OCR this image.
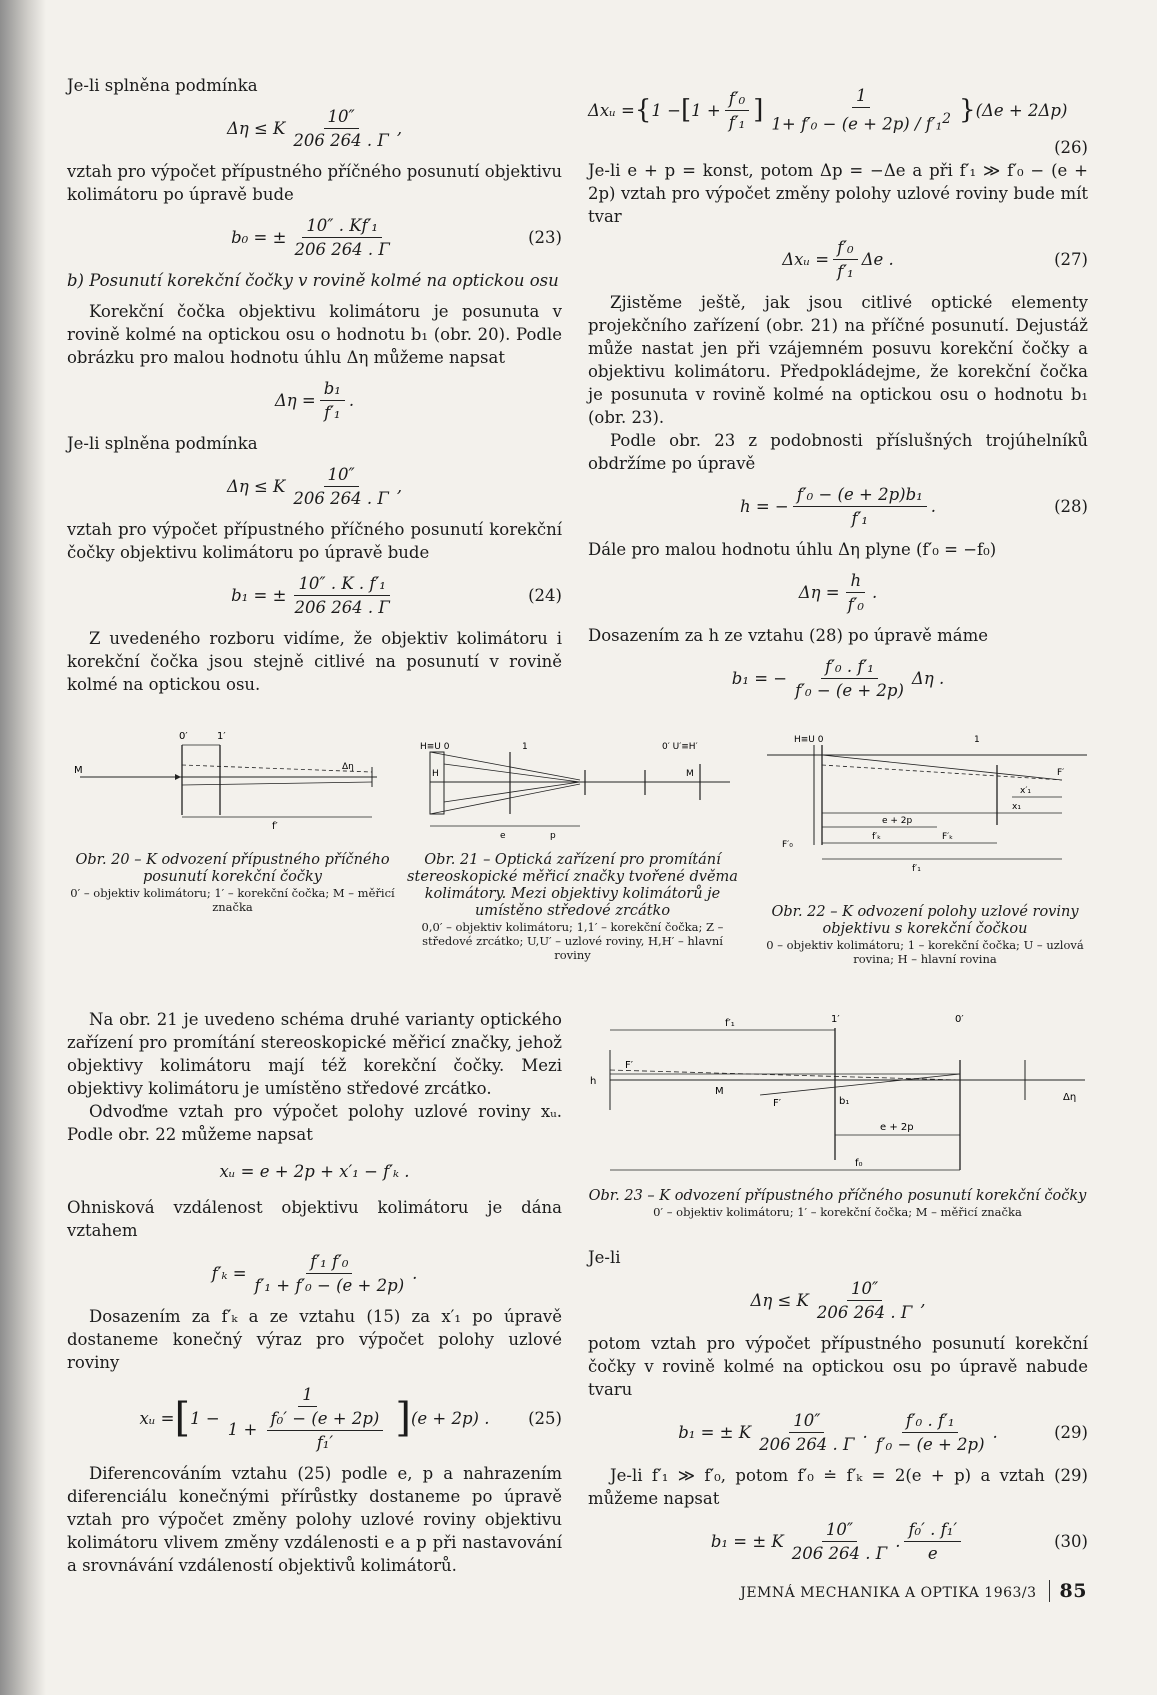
Je-li splněna podmínka

Δη ≤ K $\frac{10''}{206 264 . \Gamma}$ ,

vztah pro výpočet přípustného příčného posunutí objektivu kolimátoru po úpravě bude

b₀ = ± $\frac{\text{10″ . Kf′₁}}{206 264 . \Gamma}$	(23)

b) Posunutí korekční čočky v rovině kolmé na optickou osu

Korekční čočka objektivu kolimátoru je posunuta v rovině kolmé na optickou osu o hodnotu b₁ (obr. 20). Podle obrázku pro malou hodnotu úhlu Δη můžeme napsat

$\Delta\eta = \frac{\text{b₁}}{\text{f′₁}}$ .

Je-li splněna podmínka

Δη ≤ K $\frac{10''}{206 264 . \Gamma}$ ,

vztah pro výpočet přípustného příčného posunutí korekční čočky objektivu kolimátoru po úpravě bude

b₁ = ± $\frac{\text{10″ . K . f′₁}}{206 264 . \Gamma}$	(24)

Z uvedeného rozboru vidíme, že objektiv kolimátoru i korekční čočka jsou stejně citlivé na posunutí v rovině kolmé na optickou osu.

0′	1′
M	Δη
f′
Obr. 20 – K odvození přípustného příčného posunutí korekční čočky
0′ – objektiv kolimátoru; 1′ – korekční čočka; M – měřicí značka
H≡U 0	1	0′ U′≡H′
H	M
e	p
Obr. 21 – Optická zařízení pro promítání stereoskopické měřicí značky tvořené dvěma kolimátory. Mezi objektivy kolimátorů je umístěno středové zrcátko
0,0′ – objektiv kolimátoru; 1,1′ – korekční čočka; Z – středové zrcátko; U,U′ – uzlové roviny, H,H′ – hlavní roviny
Δxᵤ = { 1 − [ $1 + \frac{\text{f′₀}}{\text{f′₁}}$ ] $\frac{1}{1+ f'_0 - (e + 2p) / f'_1^2}$ } (Δe + 2Δp)
(26)

Je-li e + p = konst, potom Δp = −Δe a při f′₁ ≫ f′₀ − (e + 2p) vztah pro výpočet změny polohy uzlové roviny bude mít tvar

Δxᵤ = $\frac{\text{f′₀}}{\text{f′₁}}$ Δe .	(27)

Zjistěme ještě, jak jsou citlivé optické elementy projekčního zařízení (obr. 21) na příčné posunutí. Dejustáž může nastat jen při vzájemném posuvu korekční čočky a objektivu kolimátoru. Předpokládejme, že korekční čočka je posunuta v rovině kolmé na optickou osu o hodnotu b₁ (obr. 23).

Podle obr. 23 z podobnosti příslušných trojúhelníků obdržíme po úpravě

h = − $\frac{\text{f′₀ − (e + 2p)b₁}}{\text{f′₁}}$ .	(28)

Dále pro malou hodnotu úhlu Δη plyne (f′₀ = −f₀)

$\Delta\eta = \frac{h}{\text{f′₀}}$ .

Dosazením za h ze vztahu (28) po úpravě máme

b₁ = − $\frac{\text{f′₀ . f′₁}}{\text{f′₀ − (e + 2p)}}$ Δη .
H≡U 0	1
F′
x′₁
x₁
e + 2p
f′ₖ
f′₁
F′ₖ
F′₀
Obr. 22 – K odvození polohy uzlové roviny objektivu s korekční čočkou
0 – objektiv kolimátoru; 1 – korekční čočka; U – uzlová rovina; H – hlavní rovina

Na obr. 21 je uvedeno schéma druhé varianty optického zařízení pro promítání stereoskopické měřicí značky, jehož objektivy kolimátoru mají též korekční čočky. Mezi objektivy kolimátoru je umístěno středové zrcátko.

Odvoďme vztah pro výpočet polohy uzlové roviny xᵤ. Podle obr. 22 můžeme napsat

xᵤ = e + 2p + x′₁ − f′ₖ .

Ohnisková vzdálenost objektivu kolimátoru je dána vztahem

$f'_k = \frac{\text{f′₁ f′₀}}{\text{f′₁ + f′₀ − (e + 2p)}}$ .

Dosazením za f′ₖ a ze vztahu (15) za x′₁ po úpravě dostaneme konečný výraz pro výpočet polohy uzlové roviny

xᵤ = [ $1 - \frac{1}{1 + \frac{\text{f₀′ − (e + 2p)}}{\text{f₁′}}}$ ] (e + 2p) . (25)

Diferencováním vztahu (25) podle e, p a nahrazením diferenciálu konečnými přírůstky dostaneme po úpravě vztah pro výpočet změny polohy uzlové roviny objektivu kolimátoru vlivem změny vzdálenosti e a p při nastavování a srovnávání vzdáleností objektivů kolimátorů.

f′₁	1′	0′
F′
h
M
F′	b₁	Δη
e + 2p
f₀
Obr. 23 – K odvození přípustného příčného posunutí korekční čočky
0′ – objektiv kolimátoru; 1′ – korekční čočka; M – měřicí značka

Je-li

Δη ≤ K $\frac{10''}{206 264 . \Gamma}$ ,

potom vztah pro výpočet přípustného posunutí korekční čočky v rovině kolmé na optickou osu po úpravě nabude tvaru

b₁ = ± K $\frac{10''}{206 264 . \Gamma}$ . $\frac{\text{f′₀ . f′₁}}{\text{f′₀ − (e + 2p)}}$ .	(29)

Je-li f′₁ ≫ f′₀, potom f′₀ ≐ f′ₖ = 2(e + p) a vztah (29) můžeme napsat

b₁ = ± K $\frac{10''}{206 264 . \Gamma}$ . $\frac{\text{f₀′ . f₁′}}{e}$	(30)
JEMNÁ MECHANIKA A OPTIKA 1963/3 85
